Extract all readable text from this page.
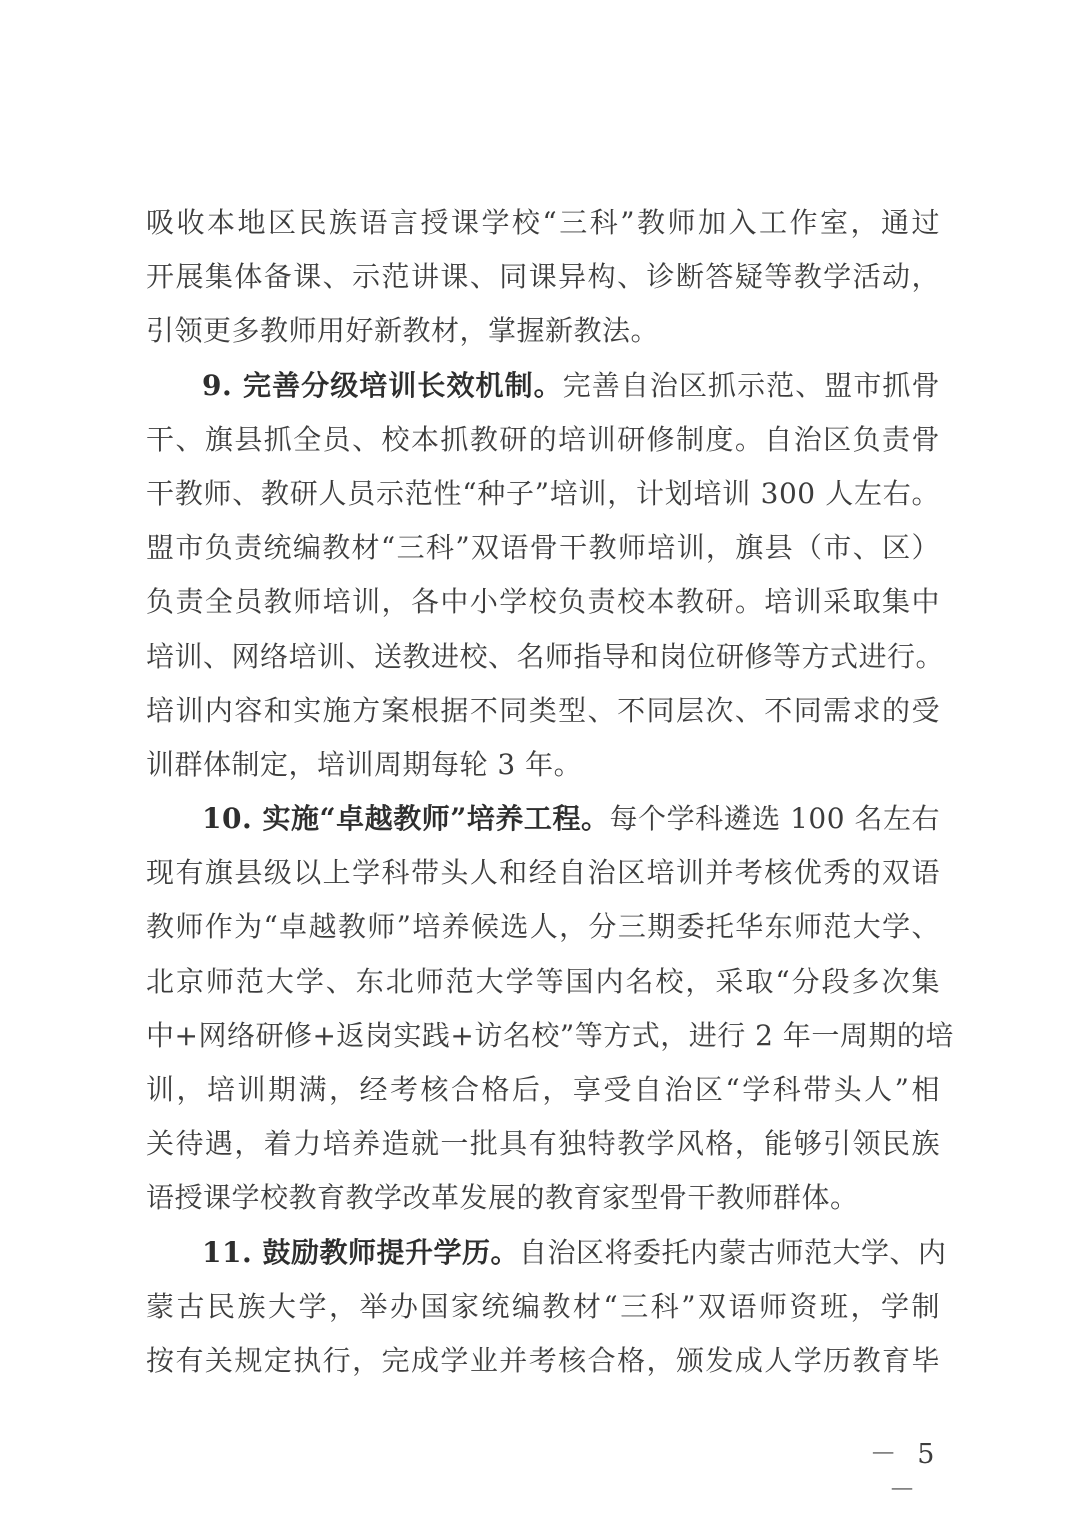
吸收本地区民族语言授课学校“三科”教师加入工作室，通过
开展集体备课、示范讲课、同课异构、诊断答疑等教学活动，
引领更多教师用好新教材，掌握新教法。
9. 完善分级培训长效机制。完善自治区抓示范、盟市抓骨
干、旗县抓全员、校本抓教研的培训研修制度。自治区负责骨
干教师、教研人员示范性“种子”培训，计划培训 300 人左右。
盟市负责统编教材“三科”双语骨干教师培训，旗县（市、区）
负责全员教师培训，各中小学校负责校本教研。培训采取集中
培训、网络培训、送教进校、名师指导和岗位研修等方式进行。
培训内容和实施方案根据不同类型、不同层次、不同需求的受
训群体制定，培训周期每轮 3 年。
10. 实施“卓越教师”培养工程。每个学科遴选 100 名左右
现有旗县级以上学科带头人和经自治区培训并考核优秀的双语
教师作为“卓越教师”培养候选人，分三期委托华东师范大学、
北京师范大学、东北师范大学等国内名校，采取“分段多次集
中+网络研修+返岗实践+访名校”等方式，进行 2 年一周期的培
训，培训期满，经考核合格后，享受自治区“学科带头人”相
关待遇，着力培养造就一批具有独特教学风格，能够引领民族
语授课学校教育教学改革发展的教育家型骨干教师群体。
11. 鼓励教师提升学历。自治区将委托内蒙古师范大学、内
蒙古民族大学，举办国家统编教材“三科”双语师资班，学制
按有关规定执行，完成学业并考核合格，颁发成人学历教育毕
－ 5 －
